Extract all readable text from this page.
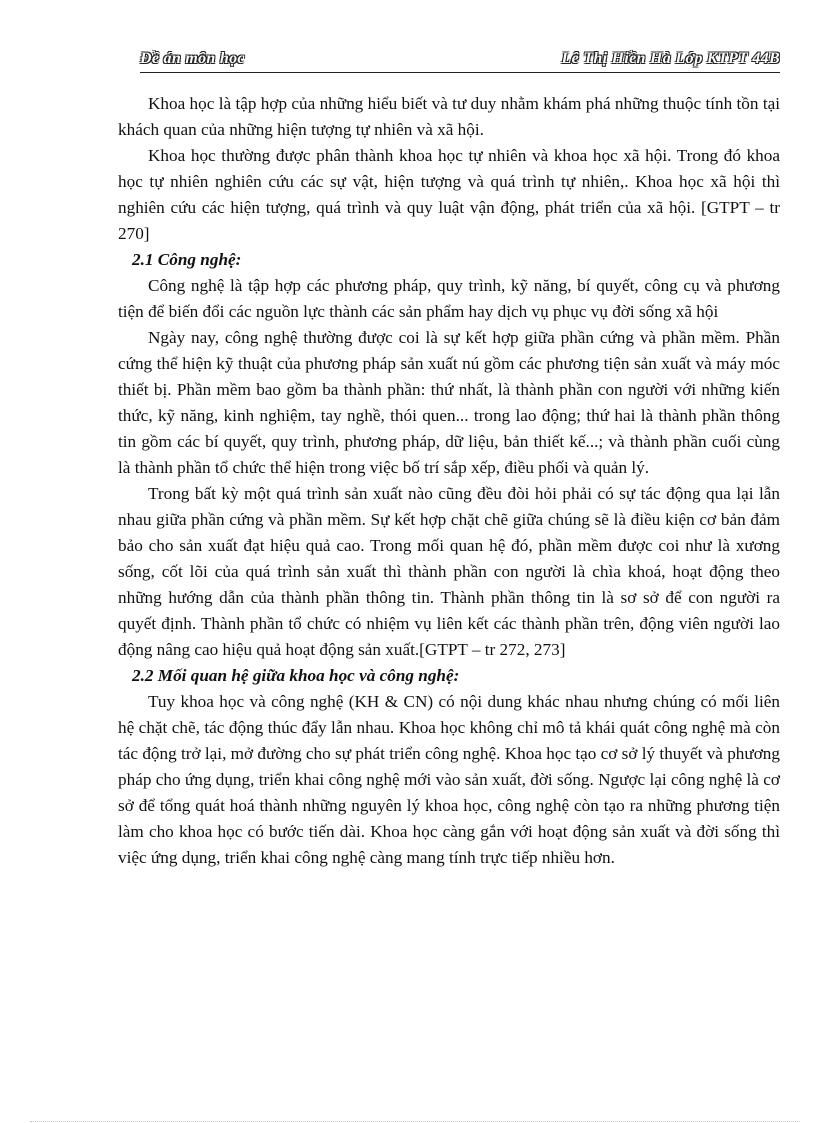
Đề án môn học	Lê Thị Hiền Hà Lớp KTPT 44B

Khoa học là tập hợp của những hiểu biết và tư duy nhằm khám phá những thuộc tính tồn tại khách quan của những hiện tượng tự nhiên và xã hội.

Khoa học thường được phân thành khoa học tự nhiên và khoa học xã hội. Trong đó khoa học tự nhiên nghiên cứu các sự vật, hiện tượng và quá trình tự nhiên,. Khoa học xã hội thì nghiên cứu các hiện tượng, quá trình và quy luật vận động, phát triển của xã hội. [GTPT – tr 270]

2.1 Công nghệ:

Công nghệ là tập hợp các phương pháp, quy trình, kỹ năng, bí quyết, công cụ và phương tiện để biến đổi các nguồn lực thành các sản phẩm hay dịch vụ phục vụ đời sống xã hội

Ngày nay, công nghệ thường được coi là sự kết hợp giữa phần cứng và phần mềm. Phần cứng thể hiện kỹ thuật của phương pháp sản xuất nú gồm các phương tiện sản xuất và máy móc thiết bị. Phần mềm bao gồm ba thành phần: thứ nhất, là thành phần con người với những kiến thức, kỹ năng, kinh nghiệm, tay nghề, thói quen... trong lao động; thứ hai là thành phần thông tin gồm các bí quyết, quy trình, phương pháp, dữ liệu, bản thiết kế...; và thành phần cuối cùng là thành phần tổ chức thể hiện trong việc bố trí sắp xếp, điều phối và quản lý.

Trong bất kỳ một quá trình sản xuất nào cũng đều đòi hỏi phải có sự tác động qua lại lẫn nhau giữa phần cứng và phần mềm. Sự kết hợp chặt chẽ giữa chúng sẽ là điều kiện cơ bản đảm bảo cho sản xuất đạt hiệu quả cao. Trong mối quan hệ đó, phần mềm được coi như là xương sống, cốt lõi của quá trình sản xuất thì thành phần con người là chìa khoá, hoạt động theo những hướng dẫn của thành phần thông tin. Thành phần thông tin là sơ sở để con người ra quyết định. Thành phần tổ chức có nhiệm vụ liên kết các thành phần trên, động viên người lao động nâng cao hiệu quả hoạt động sản xuất.[GTPT – tr 272, 273]

2.2 Mối quan hệ giữa khoa học và công nghệ:

Tuy khoa học và công nghệ (KH & CN) có nội dung khác nhau nhưng chúng có mối liên hệ chặt chẽ, tác động thúc đẩy lẫn nhau. Khoa học không chỉ mô tả khái quát công nghệ mà còn tác động trở lại, mở đường cho sự phát triển công nghệ. Khoa học tạo cơ sở lý thuyết và phương pháp cho ứng dụng, triển khai công nghệ mới vào sản xuất, đời sống. Ngược lại công nghệ là cơ sở để tổng quát hoá thành những nguyên lý khoa học, công nghệ còn tạo ra những phương tiện làm cho khoa học có bước tiến dài. Khoa học càng gắn với hoạt động sản xuất và đời sống thì việc ứng dụng, triển khai công nghệ càng mang tính trực tiếp nhiều hơn.
